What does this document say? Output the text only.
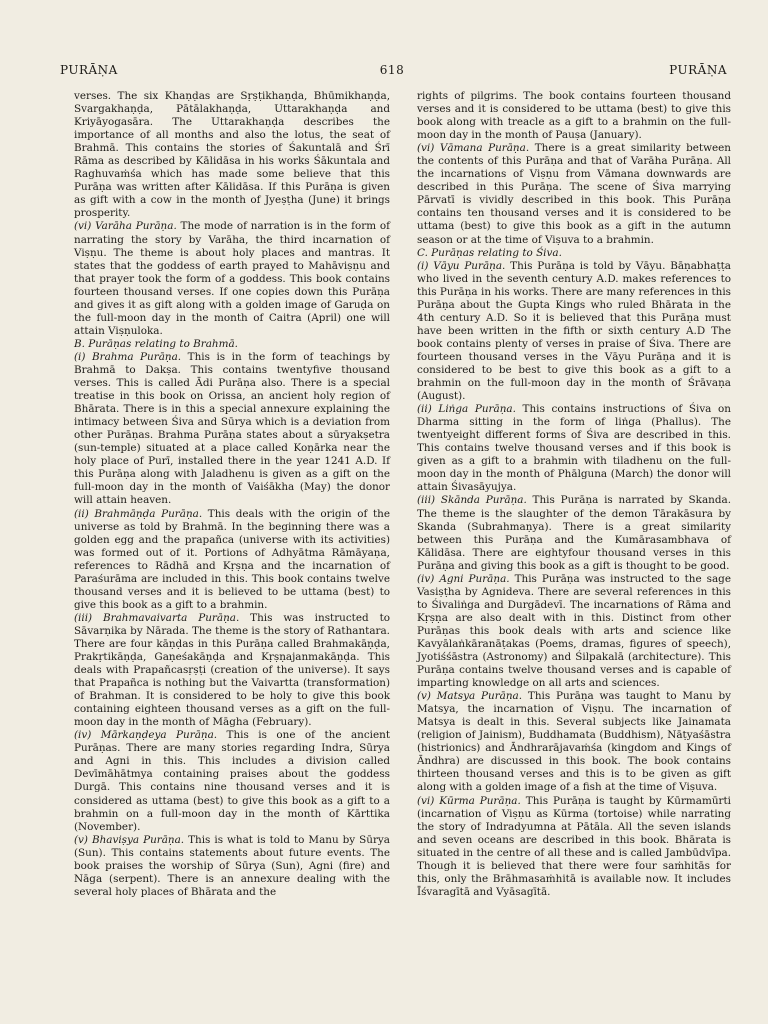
PURĀṆA	618	PURĀṆA

verses. The six Khaṇḍas are Sṛṣṭikhaṇḍa, Bhūmikhaṇḍa, Svargakhaṇḍa, Pātālakhaṇḍa, Uttarakhaṇḍa and Kriyāyogasāra. The Uttarakhaṇḍa describes the importance of all months and also the lotus, the seat of Brahmā. This contains the stories of Śakuntalā and Śrī Rāma as described by Kālidāsa in his works Śākuntala and Raghuvaṁśa which has made some believe that this Purāṇa was written after Kālidāsa. If this Purāṇa is given as gift with a cow in the month of Jyeṣṭha (June) it brings prosperity.

(vi) Varāha Purāṇa. The mode of narration is in the form of narrating the story by Varāha, the third incarnation of Viṣṇu. The theme is about holy places and mantras. It states that the goddess of earth prayed to Mahāviṣṇu and that prayer took the form of a goddess. This book contains fourteen thousand verses. If one copies down this Purāṇa and gives it as gift along with a golden image of Garuḍa on the full-moon day in the month of Caitra (April) one will attain Viṣṇuloka.

B. Purāṇas relating to Brahmā.

(i) Brahma Purāṇa. This is in the form of teachings by Brahmā to Dakṣa. This contains twentyfive thousand verses. This is called Ādi Purāṇa also. There is a special treatise in this book on Orissa, an ancient holy region of Bhārata. There is in this a special annexure explaining the intimacy between Śiva and Sūrya which is a deviation from other Purāṇas. Brahma Purāṇa states about a sūryakṣetra (sun-temple) situated at a place called Koṇārka near the holy place of Purī, installed there in the year 1241 A.D. If this Purāṇa along with Jaladhenu is given as a gift on the full-moon day in the month of Vaiśākha (May) the donor will attain heaven.

(ii) Brahmāṇḍa Purāṇa. This deals with the origin of the universe as told by Brahmā. In the beginning there was a golden egg and the prapañca (universe with its activities) was formed out of it. Portions of Adhyātma Rāmāyaṇa, references to Rādhā and Kṛṣṇa and the incarnation of Paraśurāma are included in this. This book contains twelve thousand verses and it is believed to be uttama (best) to give this book as a gift to a brahmin.

(iii) Brahmavaivarta Purāṇa. This was instructed to Sāvarṇika by Nārada. The theme is the story of Rathantara. There are four kāṇḍas in this Purāṇa called Brahmakāṇḍa, Prakṛtikāṇḍa, Gaṇeśakāṇḍa and Kṛṣṇajanmakāṇḍa. This deals with Prapañcasṛṣṭi (creation of the universe). It says that Prapañca is nothing but the Vaivartta (transformation) of Brahman. It is considered to be holy to give this book containing eighteen thousand verses as a gift on the full-moon day in the month of Māgha (February).

(iv) Mārkaṇḍeya Purāṇa. This is one of the ancient Purāṇas. There are many stories regarding Indra, Sūrya and Agni in this. This includes a division called Devīmāhātmya containing praises about the goddess Durgā. This contains nine thousand verses and it is considered as uttama (best) to give this book as a gift to a brahmin on a full-moon day in the month of Kārttika (November).

(v) Bhaviṣya Purāṇa. This is what is told to Manu by Sūrya (Sun). This contains statements about future events. The book praises the worship of Sūrya (Sun), Agni (fire) and Nāga (serpent). There is an annexure dealing with the several holy places of Bhārata and the

rights of pilgrims. The book contains fourteen thousand verses and it is considered to be uttama (best) to give this book along with treacle as a gift to a brahmin on the full-moon day in the month of Pauṣa (January).

(vi) Vāmana Purāṇa. There is a great similarity between the contents of this Purāṇa and that of Varāha Purāṇa. All the incarnations of Viṣṇu from Vāmana downwards are described in this Purāṇa. The scene of Śiva marrying Pārvatī is vividly described in this book. This Purāṇa contains ten thousand verses and it is considered to be uttama (best) to give this book as a gift in the autumn season or at the time of Viṣuva to a brahmin.

C. Purāṇas relating to Śiva.

(i) Vāyu Purāṇa. This Purāṇa is told by Vāyu. Bāṇabhaṭṭa who lived in the seventh century A.D. makes references to this Purāṇa in his works. There are many references in this Purāṇa about the Gupta Kings who ruled Bhārata in the 4th century A.D. So it is believed that this Purāṇa must have been written in the fifth or sixth century A.D The book contains plenty of verses in praise of Śiva. There are fourteen thousand verses in the Vāyu Purāṇa and it is considered to be best to give this book as a gift to a brahmin on the full-moon day in the month of Śrāvaṇa (August).

(ii) Liṅga Purāṇa. This contains instructions of Śiva on Dharma sitting in the form of liṅga (Phallus). The twentyeight different forms of Śiva are described in this. This contains twelve thousand verses and if this book is given as a gift to a brahmin with tiladhenu on the full-moon day in the month of Phālguna (March) the donor will attain Śivasāyujya.

(iii) Skānda Purāṇa. This Purāṇa is narrated by Skanda. The theme is the slaughter of the demon Tārakāsura by Skanda (Subrahmaṇya). There is a great similarity between this Purāṇa and the Kumārasambhava of Kālidāsa. There are eightyfour thousand verses in this Purāṇa and giving this book as a gift is thought to be good.

(iv) Agni Purāṇa. This Purāṇa was instructed to the sage Vasiṣṭha by Agnideva. There are several references in this to Śivaliṅga and Durgādevī. The incarnations of Rāma and Kṛṣṇa are also dealt with in this. Distinct from other Purāṇas this book deals with arts and science like Kavyālaṅkāranāṭakas (Poems, dramas, figures of speech), Jyotiśśāstra (Astronomy) and Śilpakalā (architecture). This Purāṇa contains twelve thousand verses and is capable of imparting knowledge on all arts and sciences.

(v) Matsya Purāṇa. This Purāṇa was taught to Manu by Matsya, the incarnation of Viṣṇu. The incarnation of Matsya is dealt in this. Several subjects like Jainamata (religion of Jainism), Buddhamata (Buddhism), Nāṭyaśāstra (histrionics) and Āndhrarājavaṁśa (kingdom and Kings of Āndhra) are discussed in this book. The book contains thirteen thousand verses and this is to be given as gift along with a golden image of a fish at the time of Viṣuva.

(vi) Kūrma Purāṇa. This Purāṇa is taught by Kūrmamūrti (incarnation of Viṣṇu as Kūrma (tortoise) while narrating the story of Indradyumna at Pātāla. All the seven islands and seven oceans are described in this book. Bhārata is situated in the centre of all these and is called Jambūdvīpa. Though it is believed that there were four saṁhitās for this, only the Brāhmasaṁhitā is available now. It includes Īśvaragītā and Vyāsagītā.
